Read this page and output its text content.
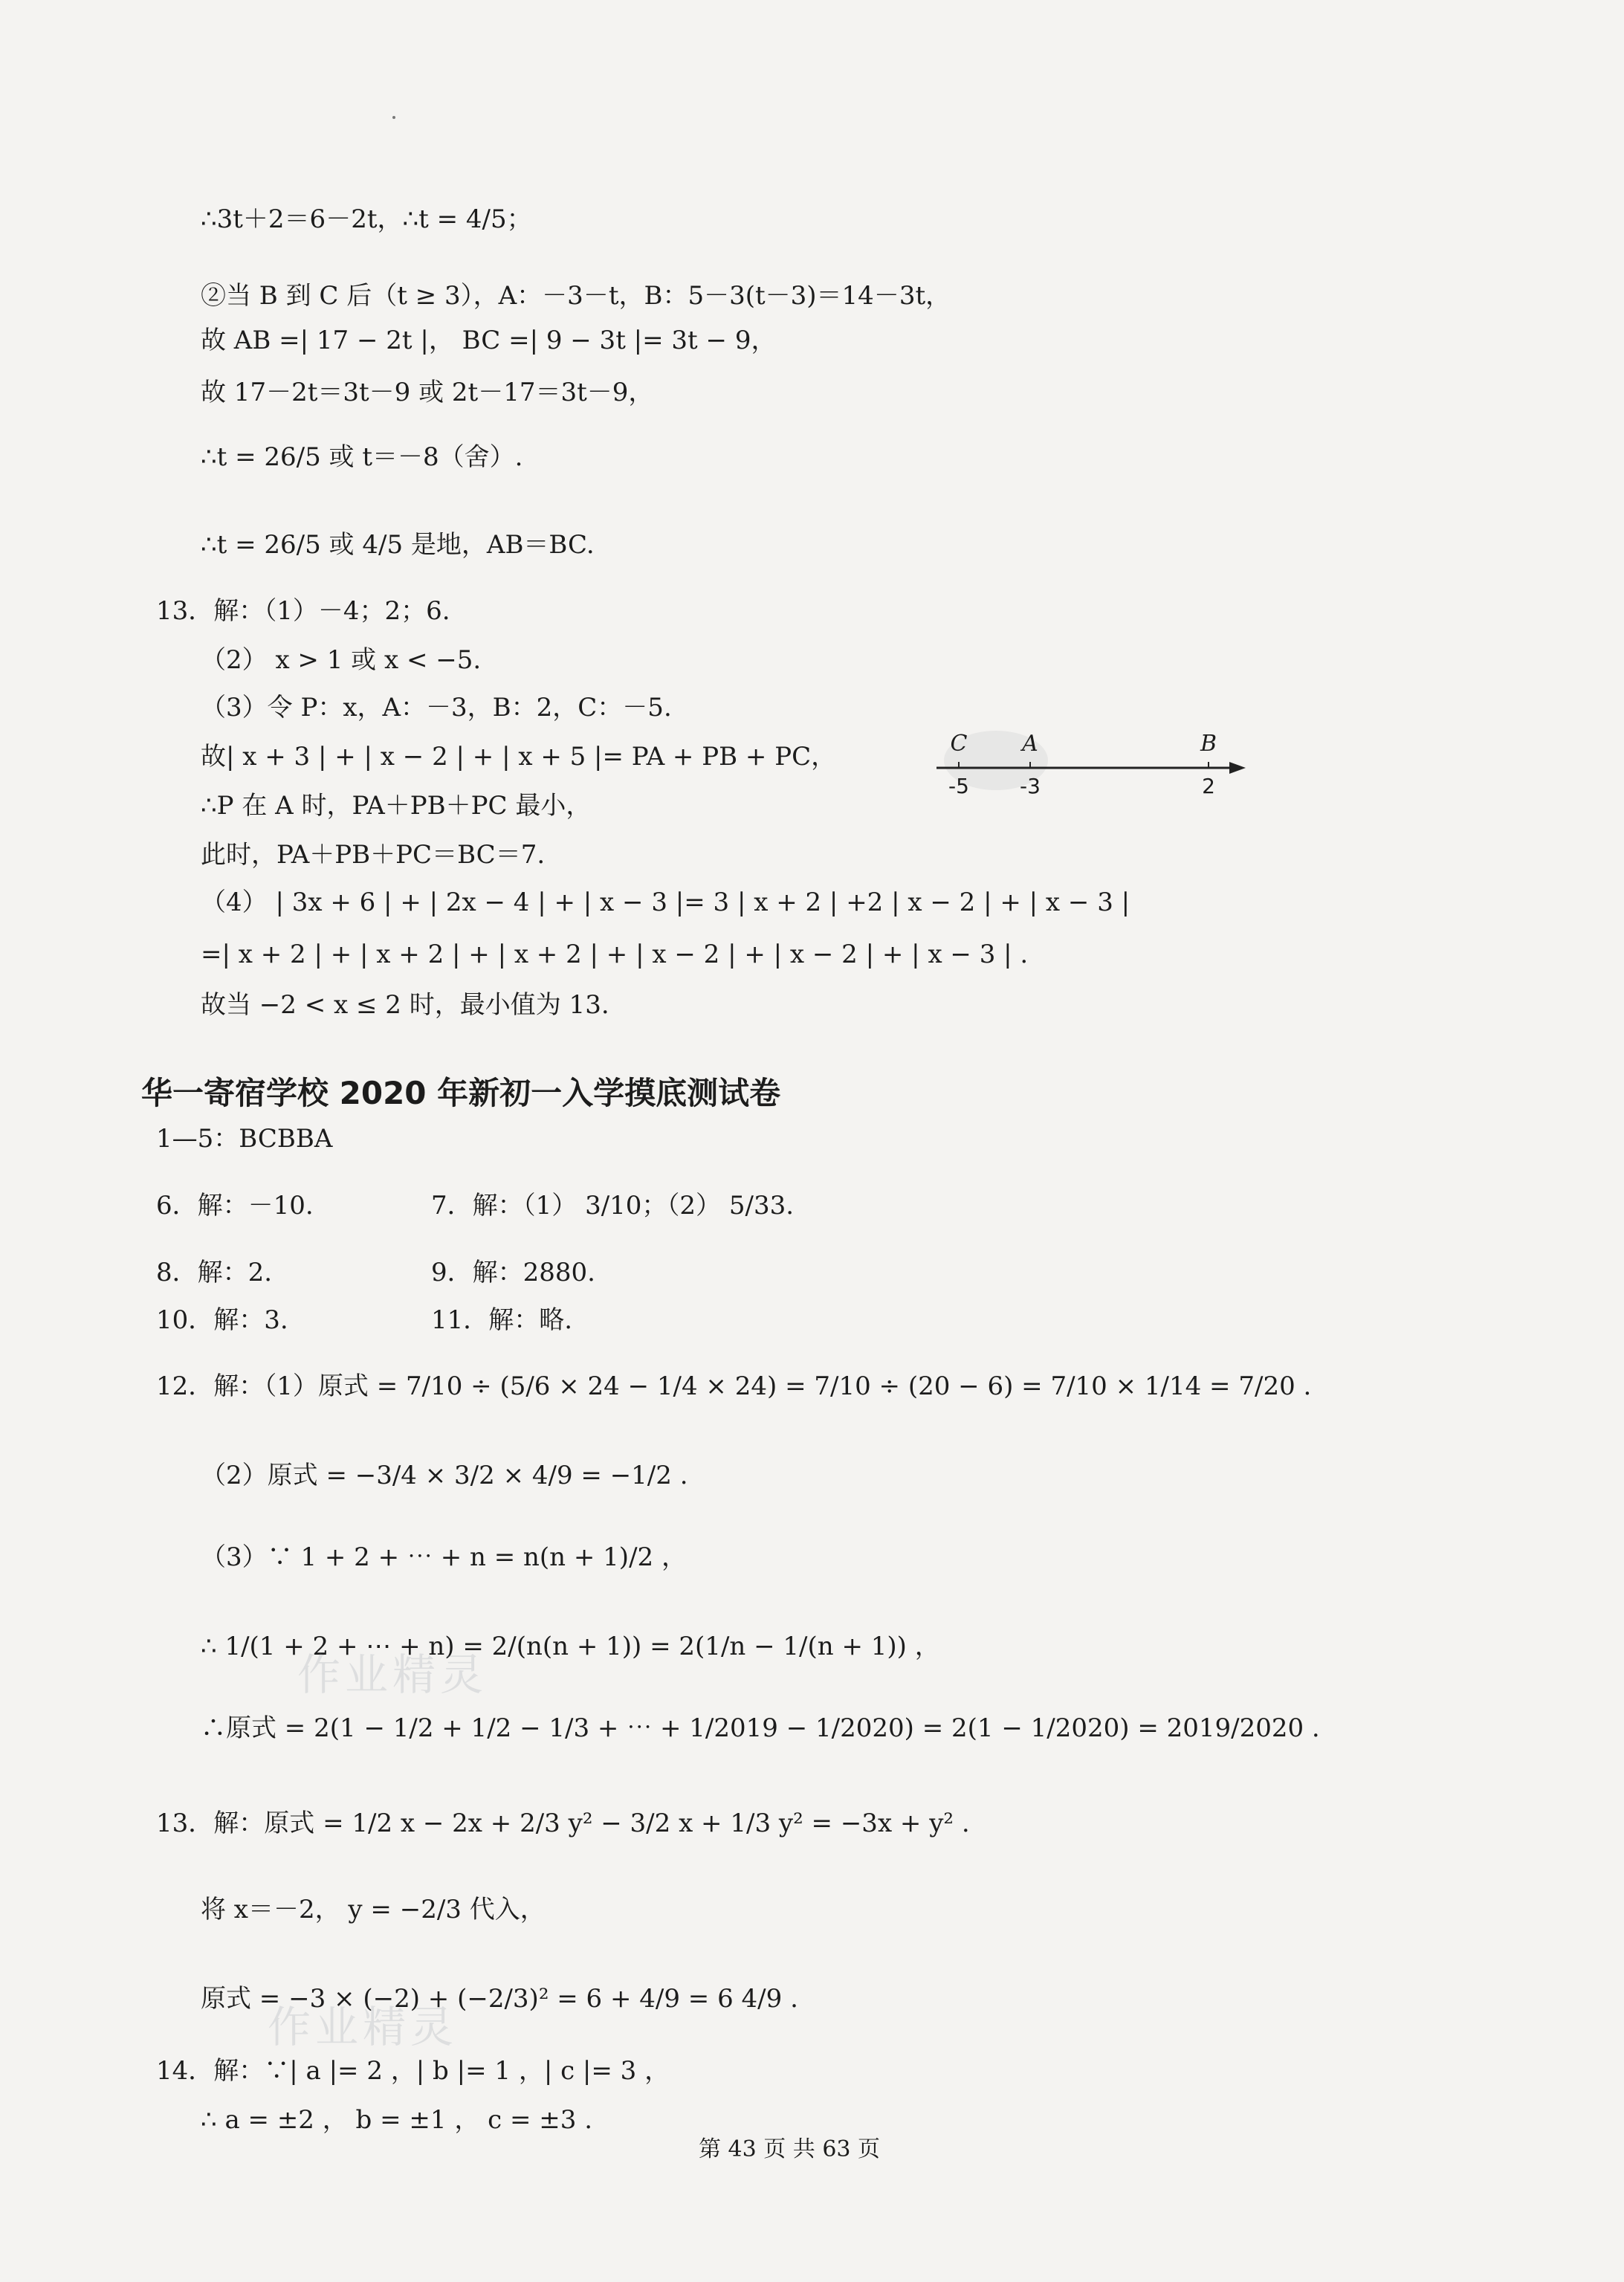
∴3t＋2＝6－2t，∴t = 4/5；
②当 B 到 C 后（t ≥ 3），A：－3－t，B：5－3(t－3)＝14－3t，
故 AB =| 17 − 2t |， BC =| 9 − 3t |= 3t − 9，
故 17－2t＝3t－9 或 2t－17＝3t－9，
∴t = 26/5 或 t＝－8（舍）.
∴t = 26/5 或 4/5 是地，AB＝BC.
13．解：（1）－4；2；6.
（2） x > 1 或 x < −5.
（3）令 P：x，A：－3，B：2，C：－5.
故| x + 3 | + | x − 2 | + | x + 5 |= PA + PB + PC，
∴P 在 A 时，PA＋PB＋PC 最小，
此时，PA＋PB＋PC＝BC＝7.
（4） | 3x + 6 | + | 2x − 4 | + | x − 3 |= 3 | x + 2 | +2 | x − 2 | + | x − 3 |
=| x + 2 | + | x + 2 | + | x + 2 | + | x − 2 | + | x − 2 | + | x − 3 | .
故当 −2 < x ≤ 2 时，最小值为 13.
C
-5
A
-3
B
2
华一寄宿学校 2020 年新初一入学摸底测试卷
1—5：BCBBA
6．解：－10.	7．解：（1） 3/10；（2） 5/33.
8．解：2.	9．解：2880.
10．解：3.	11．解：略.
12．解：（1）原式 = 7/10 ÷ (5/6 × 24 − 1/4 × 24) = 7/10 ÷ (20 − 6) = 7/10 × 1/14 = 7/20 .
（2）原式 = −3/4 × 3/2 × 4/9 = −1/2 .
（3）∵ 1 + 2 + ⋯ + n = n(n + 1)/2 ，
∴ 1/(1 + 2 + ⋯ + n) = 2/(n(n + 1)) = 2(1/n − 1/(n + 1)) ，
∴原式 = 2(1 − 1/2 + 1/2 − 1/3 + ⋯ + 1/2019 − 1/2020) = 2(1 − 1/2020) = 2019/2020 .
13．解：原式 = 1/2 x − 2x + 2/3 y² − 3/2 x + 1/3 y² = −3x + y² .
将 x＝－2， y = −2/3 代入，
原式 = −3 × (−2) + (−2/3)² = 6 + 4/9 = 6 4/9 .
14．解：∵| a |= 2 ，| b |= 1 ，| c |= 3 ，
∴ a = ±2 ， b = ±1 ， c = ±3 .
作业精灵
作业精灵
第 43 页 共 63 页
